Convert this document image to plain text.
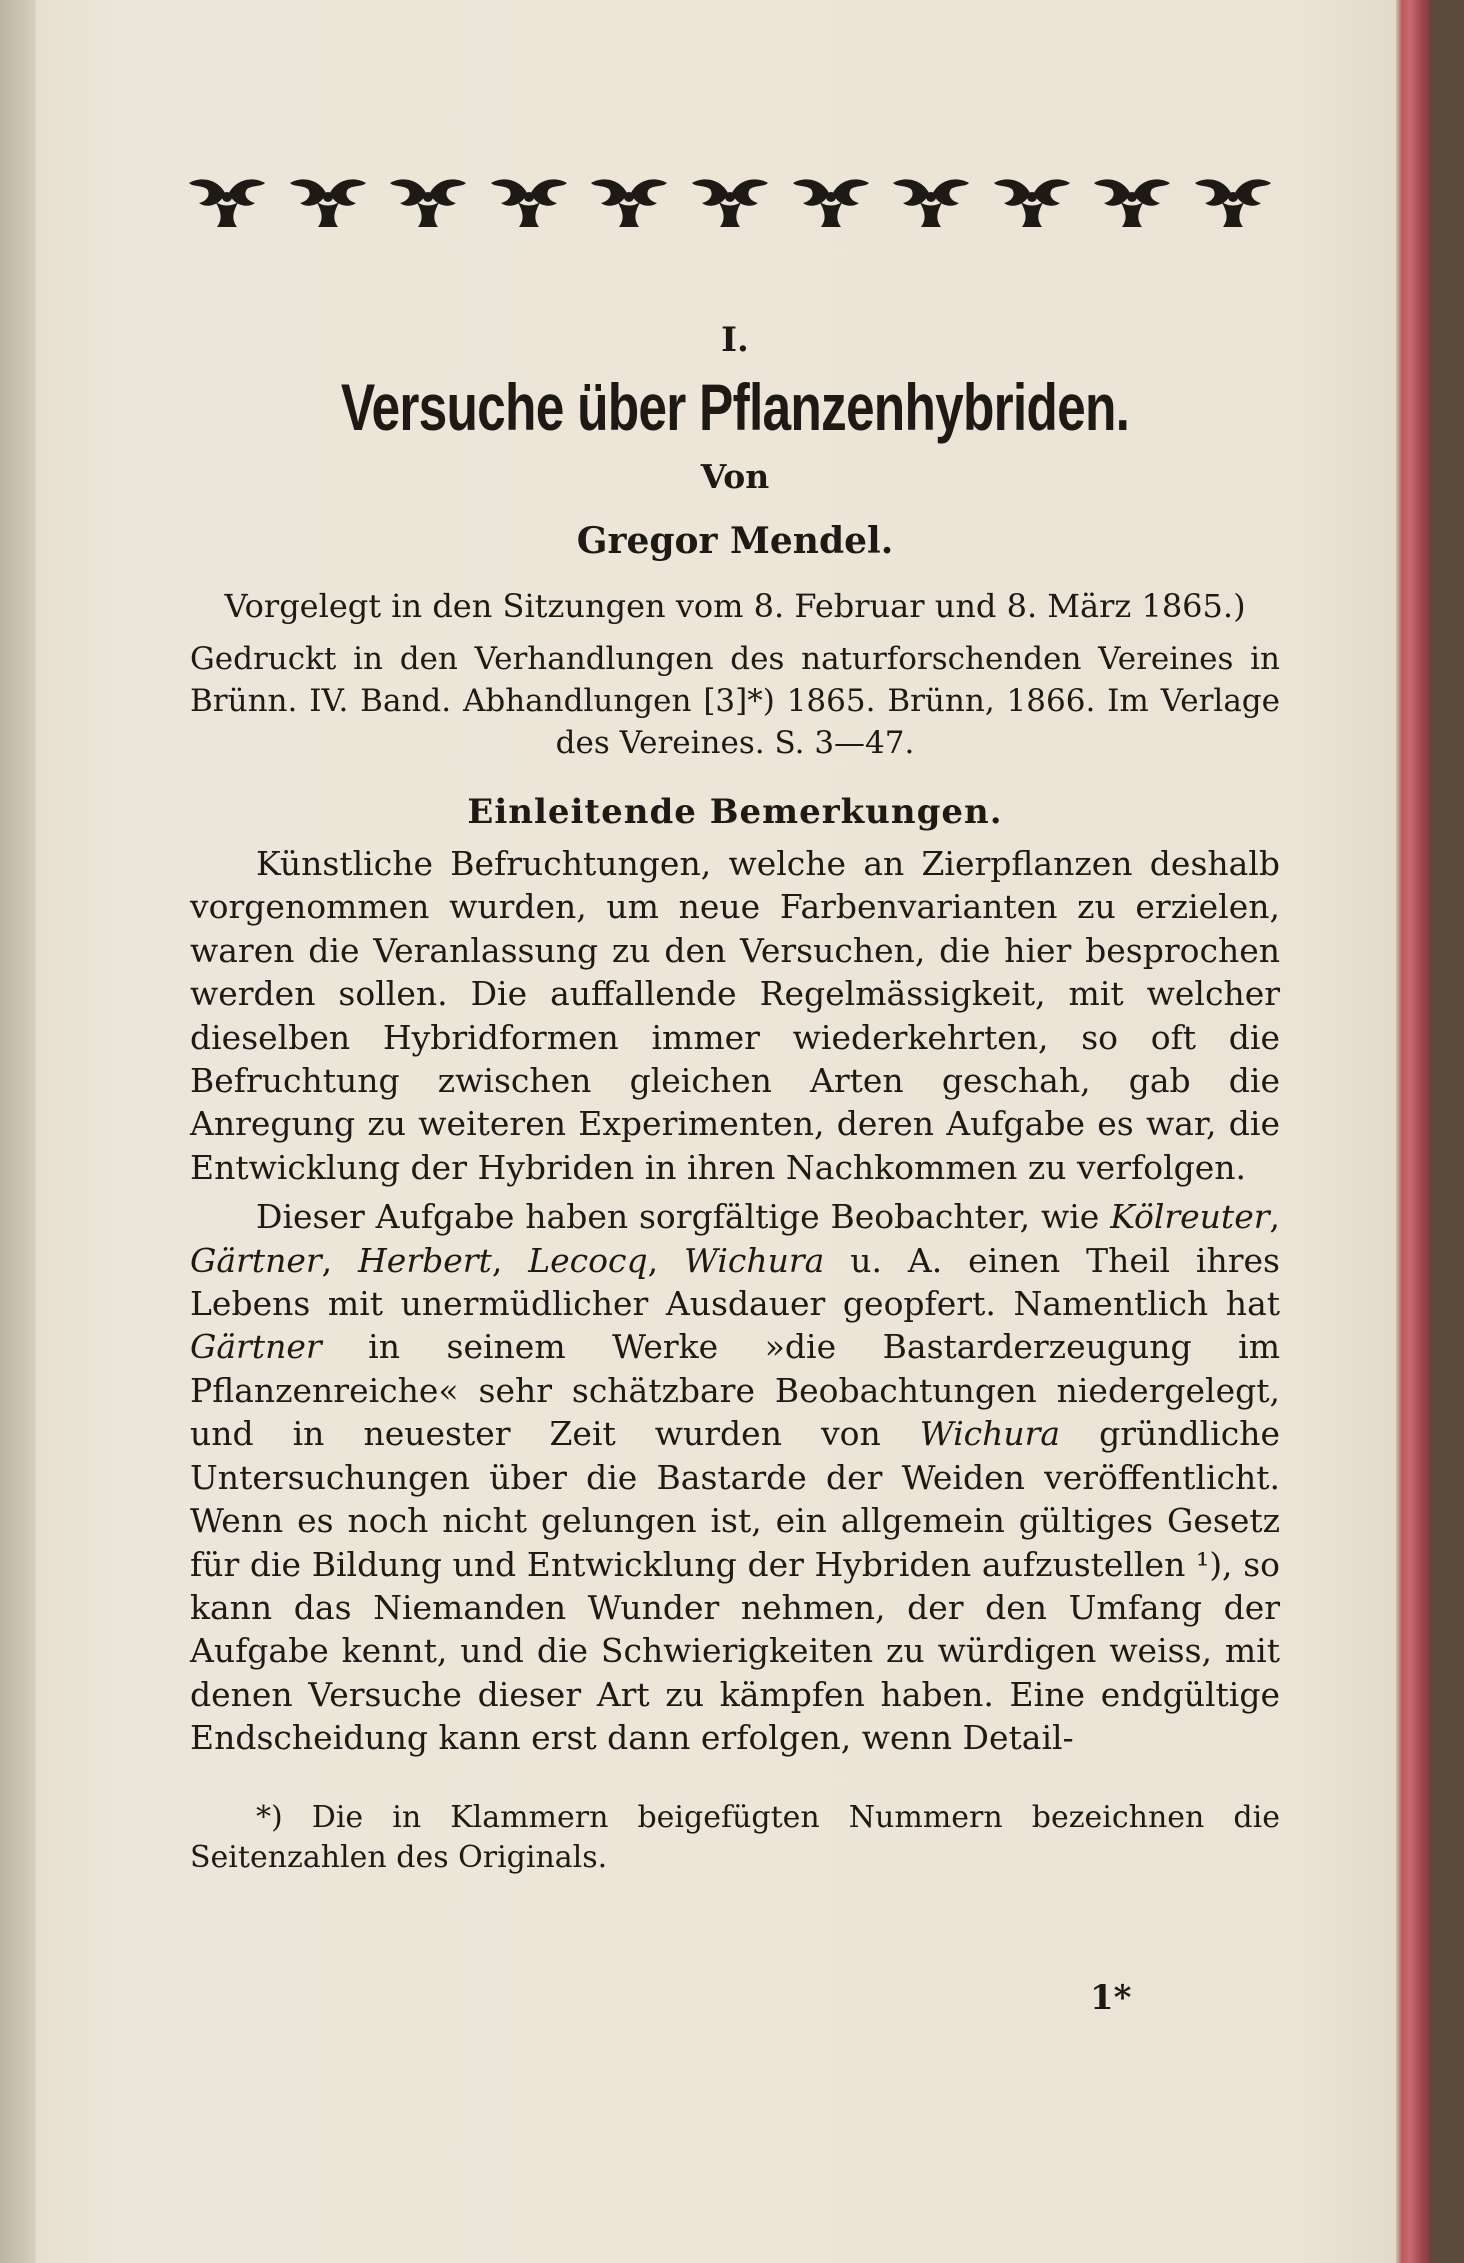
I.

Versuche über Pflanzenhybriden.

Von

Gregor Mendel.

Vorgelegt in den Sitzungen vom 8. Februar und 8. März 1865.)

Gedruckt in den Verhandlungen des naturforschenden Vereines in Brünn. IV. Band. Abhandlungen [3]*) 1865. Brünn, 1866. Im Verlage des Vereines. S. 3—47.

Einleitende Bemerkungen.

Künstliche Befruchtungen, welche an Zierpflanzen deshalb vorgenommen wurden, um neue Farbenvarianten zu erzielen, waren die Veranlassung zu den Versuchen, die hier besprochen werden sollen. Die auffallende Regelmässigkeit, mit welcher dieselben Hybridformen immer wiederkehrten, so oft die Befruchtung zwischen gleichen Arten geschah, gab die Anregung zu weiteren Experimenten, deren Aufgabe es war, die Entwicklung der Hybriden in ihren Nachkommen zu verfolgen.

Dieser Aufgabe haben sorgfältige Beobachter, wie Kölreuter, Gärtner, Herbert, Lecocq, Wichura u. A. einen Theil ihres Lebens mit unermüdlicher Ausdauer geopfert. Namentlich hat Gärtner in seinem Werke »die Bastarderzeugung im Pflanzenreiche« sehr schätzbare Beobachtungen niedergelegt, und in neuester Zeit wurden von Wichura gründliche Untersuchungen über die Bastarde der Weiden veröffentlicht. Wenn es noch nicht gelungen ist, ein allgemein gültiges Gesetz für die Bildung und Entwicklung der Hybriden aufzustellen ¹), so kann das Niemanden Wunder nehmen, der den Umfang der Aufgabe kennt, und die Schwierigkeiten zu würdigen weiss, mit denen Versuche dieser Art zu kämpfen haben. Eine endgültige Endscheidung kann erst dann erfolgen, wenn Detail-

*) Die in Klammern beigefügten Nummern bezeichnen die Seitenzahlen des Originals.

1*
